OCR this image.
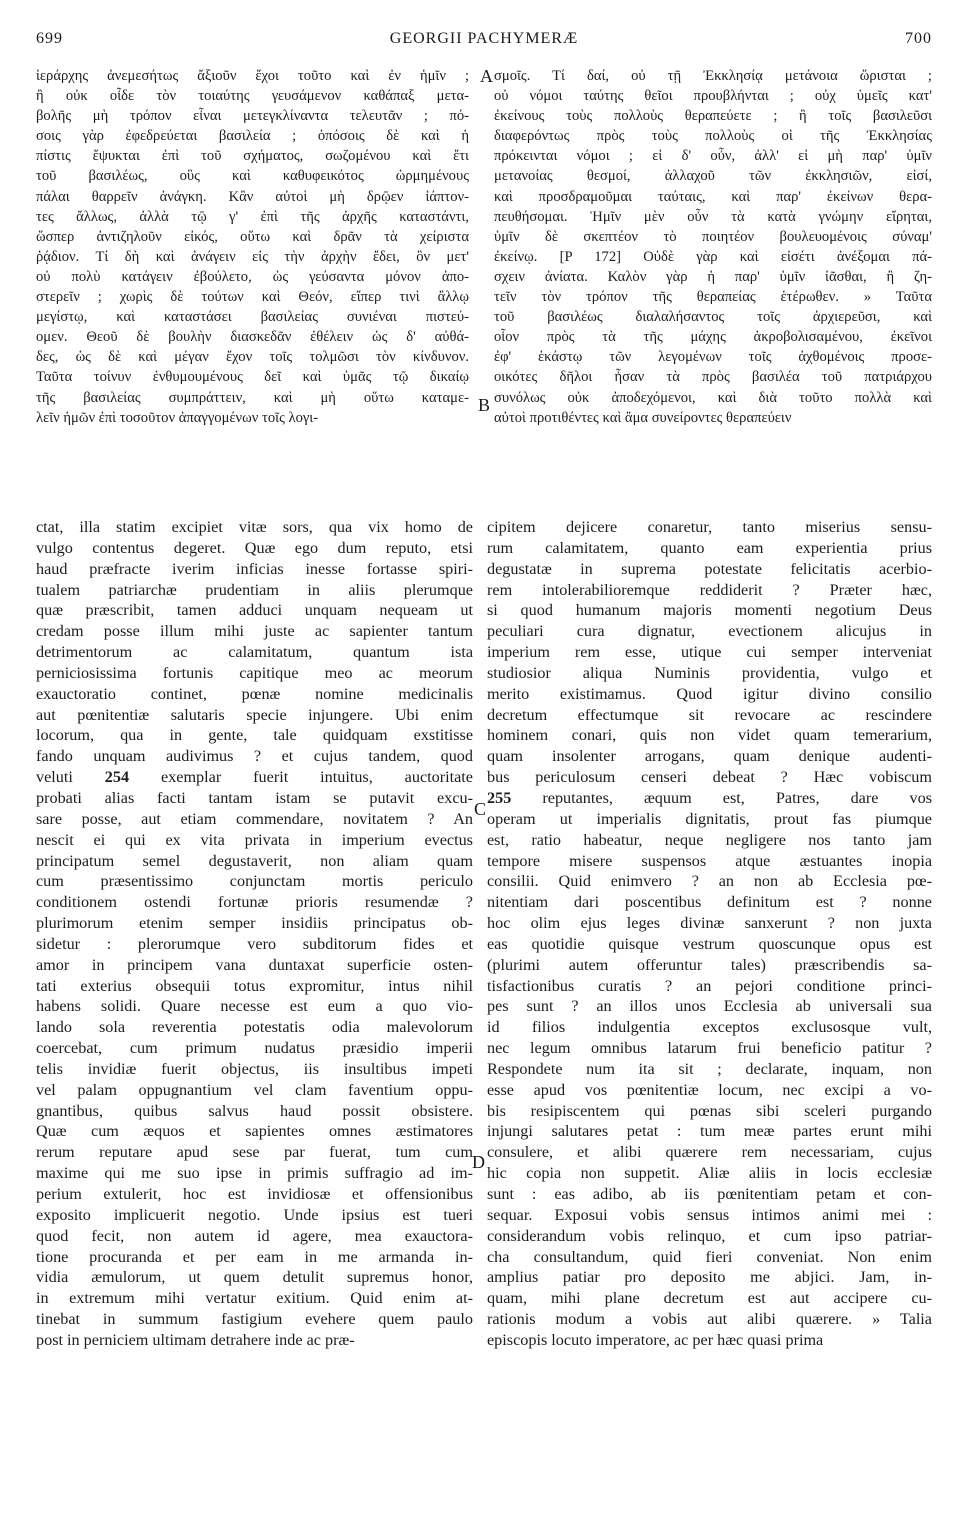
699	GEORGII PACHYMERÆ	700
A
B
C
D
ἱεράρχης ἀνεμεσήτως ἄξιοῦν ἔχοι τοῦτο καὶ ἐν ἡμῖν ;
ἢ οὐκ οἶδε τὸν τοιαύτης γευσάμενον καθάπαξ μετα-
βολῆς μὴ τρόπον εἶναι μετεγκλίναντα τελευτᾶν ; πό-
σοις γὰρ ἐφεδρεύεται βασιλεία ; ὁπόσοις δὲ καὶ ἡ
πίστις ἔψυκται ἐπὶ τοῦ σχήματος, σωζομένου καὶ ἔτι
τοῦ βασιλέως, οὓς καὶ καθυφεικότος ὡρμημένους
πάλαι θαρρεῖν ἀνάγκη. Κἂν αὐτοὶ μὴ δρῷεν ἰάπτον-
τες ἄλλως, ἀλλὰ τῷ γ' ἐπὶ τῆς ἀρχῆς καταστάντι,
ὥσπερ ἀντιζηλοῦν εἰκός, οὕτω καὶ δρᾶν τὰ χείριστα
ῥᾴδιον. Τί δὴ καὶ ἀνάγειν εἰς τὴν ἀρχὴν ἔδει, ὃν μετ'
οὐ πολὺ κατάγειν ἐβούλετο, ὡς γεύσαντα μόνον ἀπο-
στερεῖν ; χωρὶς δὲ τούτων καὶ Θεόν, εἴπερ τινὶ ἄλλῳ
μεγίστῳ, καὶ καταστάσει βασιλείας συνιέναι πιστεύ-
ομεν. Θεοῦ δὲ βουλὴν διασκεδᾶν ἐθέλειν ὡς δ' αὐθά-
δες, ὡς δὲ καὶ μέγαν ἔχον τοῖς τολμῶσι τὸν κίνδυνον.
Ταῦτα τοίνυν ἐνθυμουμένους δεῖ καὶ ὑμᾶς τῷ δικαίῳ
τῆς βασιλείας συμπράττειν, καὶ μὴ οὕτω καταμε-
λεῖν ἡμῶν ἐπὶ τοσοῦτον ἀπαγγομένων τοῖς λογι-
σμοῖς. Τί δαί, οὐ τῇ Ἐκκλησίᾳ μετάνοια ὥρισται ;
οὐ νόμοι ταύτης θεῖοι προυβλήνται ; οὐχ ὑμεῖς κατ'
ἐκείνους τοὺς πολλοὺς θεραπεύετε ; ἢ τοῖς βασιλεῦσι
διαφερόντως πρὸς τοὺς πολλοὺς οἱ τῆς Ἐκκλησίας
πρόκεινται νόμοι ; εἰ δ' οὖν, ἀλλ' εἰ μὴ παρ' ὑμῖν
μετανοίας θεσμοί, ἀλλαχοῦ τῶν ἐκκλησιῶν, εἰσί,
καὶ προσδραμοῦμαι ταύταις, καὶ παρ' ἐκείνων θερα-
πευθήσομαι. Ἡμῖν μὲν οὖν τὰ κατὰ γνώμην εἴρηται,
ὑμῖν δὲ σκεπτέον τὸ ποιητέον βουλευομένοις σύναμ'
ἐκείνῳ. [P 172] Οὐδὲ γὰρ καὶ εἰσέτι ἀνέξομαι πά-
σχειν ἀνίατα. Καλὸν γὰρ ἡ παρ' ὑμῖν ἰᾶσθαι, ἢ ζη-
τεῖν τὸν τρόπον τῆς θεραπείας ἑτέρωθεν. » Ταῦτα
τοῦ βασιλέως διαλαλήσαντος τοῖς ἀρχιερεῦσι, καὶ
οἷον πρὸς τὰ τῆς μάχης ἀκροβολισαμένου, ἐκεῖνοι
ἐφ' ἑκάστῳ τῶν λεγομένων τοῖς ἀχθομένοις προσε-
οικότες δῆλοι ἦσαν τὰ πρὸς βασιλέα τοῦ πατριάρχου
συνόλως οὐκ ἀποδεχόμενοι, καὶ διὰ τοῦτο πολλὰ καὶ
αὐτοὶ προτιθέντες καὶ ἅμα συνείροντες θεραπεύειν
ctat, illa statim excipiet vitæ sors, qua vix homo de
vulgo contentus degeret. Quæ ego dum reputo, etsi
haud præfracte iverim inficias inesse fortasse spiri-
tualem patriarchæ prudentiam in aliis plerumque
quæ præscribit, tamen adduci unquam nequeam ut
credam posse illum mihi juste ac sapienter tantum
detrimentorum ac calamitatum, quantum ista
perniciosissima fortunis capitique meo ac meorum
exauctoratio continet, pœnæ nomine medicinalis
aut pœnitentiæ salutaris specie injungere. Ubi enim
locorum, qua in gente, tale quidquam exstitisse
fando unquam audivimus ? et cujus tandem, quod
veluti 254 exemplar fuerit intuitus, auctoritate
probati alias facti tantam istam se putavit excu-
sare posse, aut etiam commendare, novitatem ? An
nescit ei qui ex vita privata in imperium evectus
principatum semel degustaverit, non aliam quam
cum præsentissimo conjunctam mortis periculo
conditionem ostendi fortunæ prioris resumendæ ?
plurimorum etenim semper insidiis principatus ob-
sidetur : plerorumque vero subditorum fides et
amor in principem vana duntaxat superficie osten-
tati exterius obsequii totus expromitur, intus nihil
habens solidi. Quare necesse est eum a quo vio-
lando sola reverentia potestatis odia malevolorum
coercebat, cum primum nudatus præsidio imperii
telis invidiæ fuerit objectus, iis insultibus impeti
vel palam oppugnantium vel clam faventium oppu-
gnantibus, quibus salvus haud possit obsistere.
Quæ cum æquos et sapientes omnes æstimatores
rerum reputare apud sese par fuerat, tum cum
maxime qui me suo ipse in primis suffragio ad im-
perium extulerit, hoc est invidiosæ et offensionibus
exposito implicuerit negotio. Unde ipsius est tueri
quod fecit, non autem id agere, mea exauctora-
tione procuranda et per eam in me armanda in-
vidia æmulorum, ut quem detulit supremus honor,
in extremum mihi vertatur exitium. Quid enim at-
tinebat in summum fastigium evehere quem paulo
post in perniciem ultimam detrahere inde ac præ-
cipitem dejicere conaretur, tanto miserius sensu-
rum calamitatem, quanto eam experientia prius
degustatæ in suprema potestate felicitatis acerbio-
rem intolerabilioremque reddiderit ? Præter hæc,
si quod humanum majoris momenti negotium Deus
peculiari cura dignatur, evectionem alicujus in
imperium rem esse, utique cui semper interveniat
studiosior aliqua Numinis providentia, vulgo et
merito existimamus. Quod igitur divino consilio
decretum effectumque sit revocare ac rescindere
hominem conari, quis non videt quam temerarium,
quam insolenter arrogans, quam denique audenti-
bus periculosum censeri debeat ? Hæc vobiscum
255 reputantes, æquum est, Patres, dare vos
operam ut imperialis dignitatis, prout fas piumque
est, ratio habeatur, neque negligere nos tanto jam
tempore misere suspensos atque æstuantes inopia
consilii. Quid enimvero ? an non ab Ecclesia pœ-
nitentiam dari poscentibus definitum est ? nonne
hoc olim ejus leges divinæ sanxerunt ? non juxta
eas quotidie quisque vestrum quoscunque opus est
(plurimi autem offeruntur tales) præscribendis sa-
tisfactionibus curatis ? an pejori conditione princi-
pes sunt ? an illos unos Ecclesia ab universali sua
id filios indulgentia exceptos exclusosque vult,
nec legum omnibus latarum frui beneficio patitur ?
Respondete num ita sit ; declarate, inquam, non
esse apud vos pœnitentiæ locum, nec excipi a vo-
bis resipiscentem qui pœnas sibi sceleri purgando
injungi salutares petat : tum meæ partes erunt mihi
consulere, et alibi quærere rem necessariam, cujus
hic copia non suppetit. Aliæ aliis in locis ecclesiæ
sunt : eas adibo, ab iis pœnitentiam petam et con-
sequar. Exposui vobis sensus intimos animi mei :
considerandum vobis relinquo, et cum ipso patriar-
cha consultandum, quid fieri conveniat. Non enim
amplius patiar pro deposito me abjici. Jam, in-
quam, mihi plane decretum est aut accipere cu-
rationis modum a vobis aut alibi quærere. » Talia
episcopis locuto imperatore, ac per hæc quasi prima
